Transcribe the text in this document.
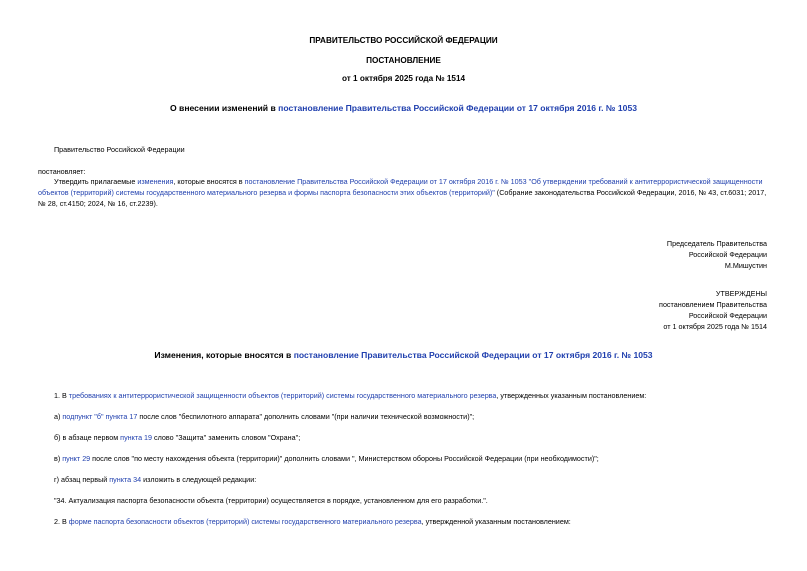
ПРАВИТЕЛЬСТВО РОССИЙСКОЙ ФЕДЕРАЦИИ
ПОСТАНОВЛЕНИЕ
от 1 октября 2025 года № 1514
О внесении изменений в постановление Правительства Российской Федерации от 17 октября 2016 г. № 1053
Правительство Российской Федерации
постановляет:
Утвердить прилагаемые изменения, которые вносятся в постановление Правительства Российской Федерации от 17 октября 2016 г. № 1053 "Об утверждении требований к антитеррористической защищенности объектов (территорий) системы государственного материального резерва и формы паспорта безопасности этих объектов (территорий)" (Собрание законодательства Российской Федерации, 2016, № 43, ст.6031; 2017, № 28, ст.4150; 2024, № 16, ст.2239).
Председатель Правительства
Российской Федерации
М.Мишустин
УТВЕРЖДЕНЫ
постановлением Правительства
Российской Федерации
от 1 октября 2025 года № 1514
Изменения, которые вносятся в постановление Правительства Российской Федерации от 17 октября 2016 г. № 1053
1. В требованиях к антитеррористической защищенности объектов (территорий) системы государственного материального резерва, утвержденных указанным постановлением:
а) подпункт "б" пункта 17 после слов "беспилотного аппарата" дополнить словами "(при наличии технической возможности)";
б) в абзаце первом пункта 19 слово "Защита" заменить словом "Охрана";
в) пункт 29 после слов "по месту нахождения объекта (территории)" дополнить словами ", Министерством обороны Российской Федерации (при необходимости)";
г) абзац первый пункта 34 изложить в следующей редакции:
"34. Актуализация паспорта безопасности объекта (территории) осуществляется в порядке, установленном для его разработки.".
2. В форме паспорта безопасности объектов (территорий) системы государственного материального резерва, утвержденной указанным постановлением:
